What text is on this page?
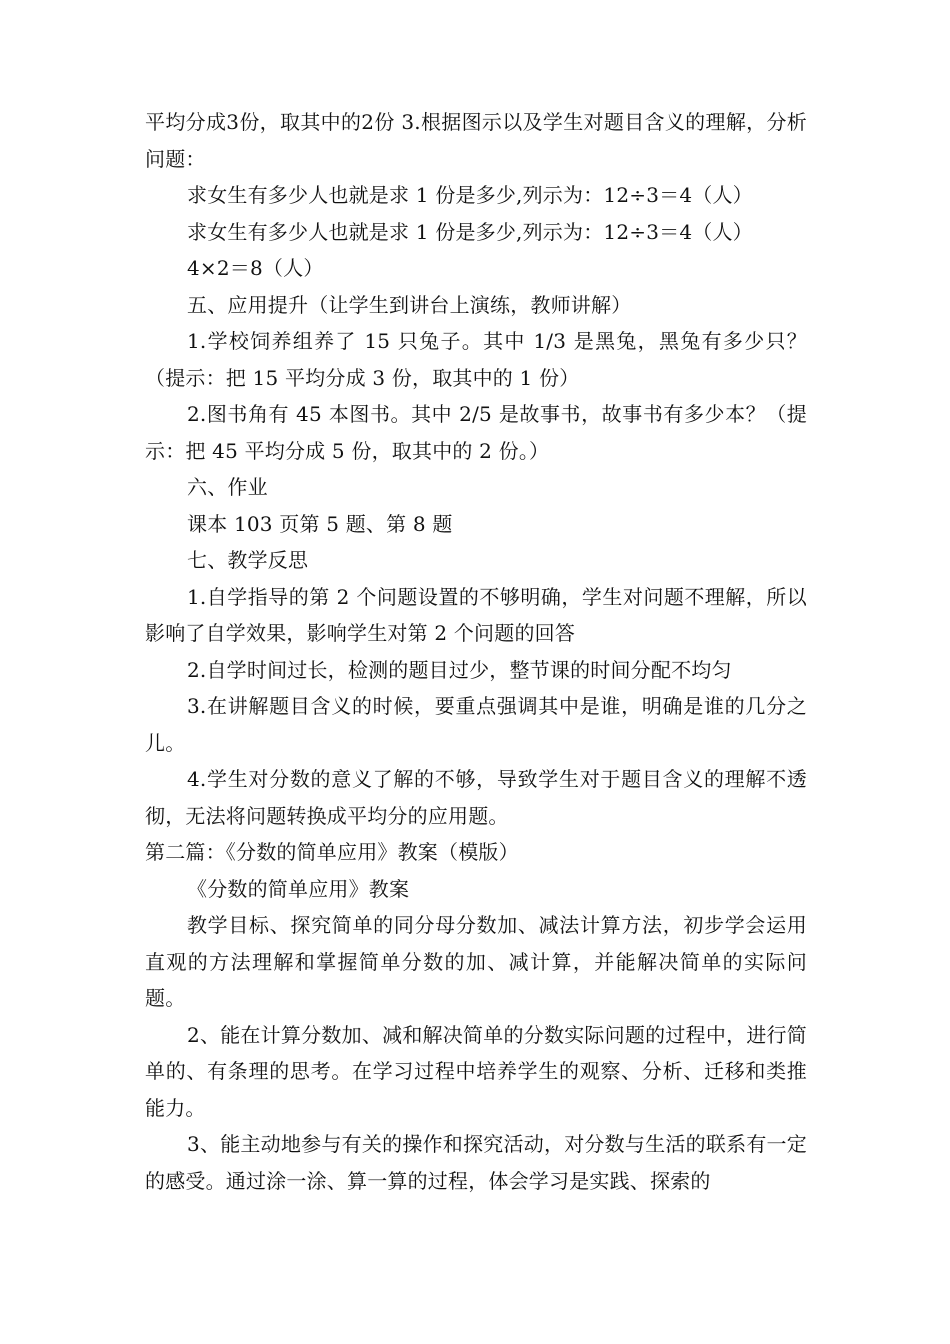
平均分成3份，取其中的2份 3.根据图示以及学生对题目含义的理解，分析问题：

求女生有多少人也就是求 1 份是多少,列示为：12÷3＝4（人）

求女生有多少人也就是求 1 份是多少,列示为：12÷3＝4（人）

4×2＝8（人）

五、应用提升（让学生到讲台上演练，教师讲解）

1.学校饲养组养了 15 只兔子。其中 1/3 是黑兔，黑兔有多少只？（提示：把 15 平均分成 3 份，取其中的 1 份）

2.图书角有 45 本图书。其中 2/5 是故事书，故事书有多少本？（提示：把 45 平均分成 5 份，取其中的 2 份。）

六、作业

课本 103 页第 5 题、第 8 题

七、教学反思

1.自学指导的第 2 个问题设置的不够明确，学生对问题不理解，所以影响了自学效果，影响学生对第 2 个问题的回答

2.自学时间过长，检测的题目过少，整节课的时间分配不均匀

3.在讲解题目含义的时候，要重点强调其中是谁，明确是谁的几分之儿。

4.学生对分数的意义了解的不够，导致学生对于题目含义的理解不透彻，无法将问题转换成平均分的应用题。

第二篇：《分数的简单应用》教案（模版）

《分数的简单应用》教案

教学目标、探究简单的同分母分数加、减法计算方法，初步学会运用直观的方法理解和掌握简单分数的加、减计算，并能解决简单的实际问题。

2、能在计算分数加、减和解决简单的分数实际问题的过程中，进行简单的、有条理的思考。在学习过程中培养学生的观察、分析、迁移和类推能力。

3、能主动地参与有关的操作和探究活动，对分数与生活的联系有一定的感受。通过涂一涂、算一算的过程，体会学习是实践、探索的
